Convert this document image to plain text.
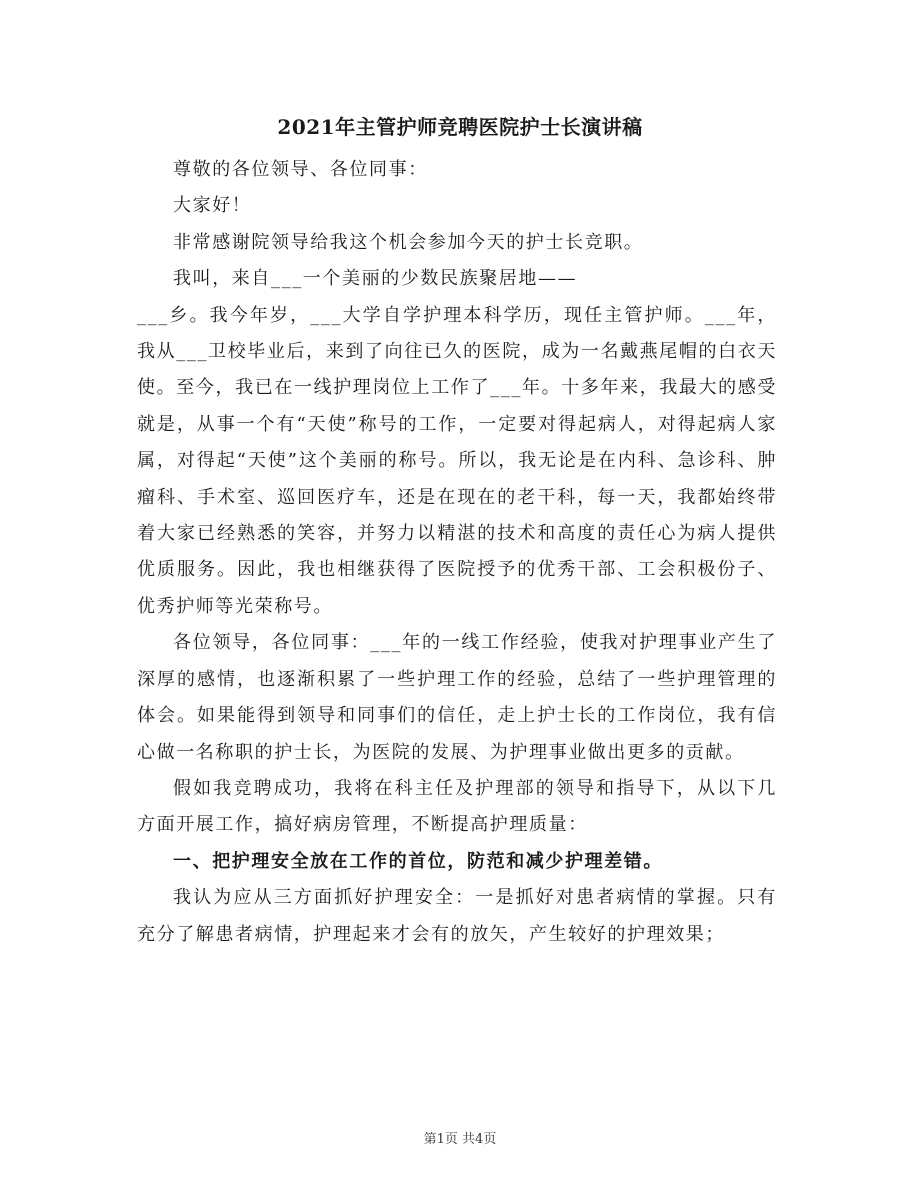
2021年主管护师竞聘医院护士长演讲稿

尊敬的各位领导、各位同事：

大家好！

非常感谢院领导给我这个机会参加今天的护士长竞职。

我叫，来自___一个美丽的少数民族聚居地——

___乡。我今年岁，___大学自学护理本科学历，现任主管护师。___年，我从___卫校毕业后，来到了向往已久的医院，成为一名戴燕尾帽的白衣天使。至今，我已在一线护理岗位上工作了___年。十多年来，我最大的感受就是，从事一个有“天使”称号的工作，一定要对得起病人，对得起病人家属，对得起“天使”这个美丽的称号。所以，我无论是在内科、急诊科、肿瘤科、手术室、巡回医疗车，还是在现在的老干科，每一天，我都始终带着大家已经熟悉的笑容，并努力以精湛的技术和高度的责任心为病人提供优质服务。因此，我也相继获得了医院授予的优秀干部、工会积极份子、优秀护师等光荣称号。

各位领导，各位同事：___年的一线工作经验，使我对护理事业产生了深厚的感情，也逐渐积累了一些护理工作的经验，总结了一些护理管理的体会。如果能得到领导和同事们的信任，走上护士长的工作岗位，我有信心做一名称职的护士长，为医院的发展、为护理事业做出更多的贡献。

假如我竞聘成功，我将在科主任及护理部的领导和指导下，从以下几方面开展工作，搞好病房管理，不断提高护理质量：

一、把护理安全放在工作的首位，防范和减少护理差错。

我认为应从三方面抓好护理安全：一是抓好对患者病情的掌握。只有充分了解患者病情，护理起来才会有的放矢，产生较好的护理效果；

第1页 共4页
